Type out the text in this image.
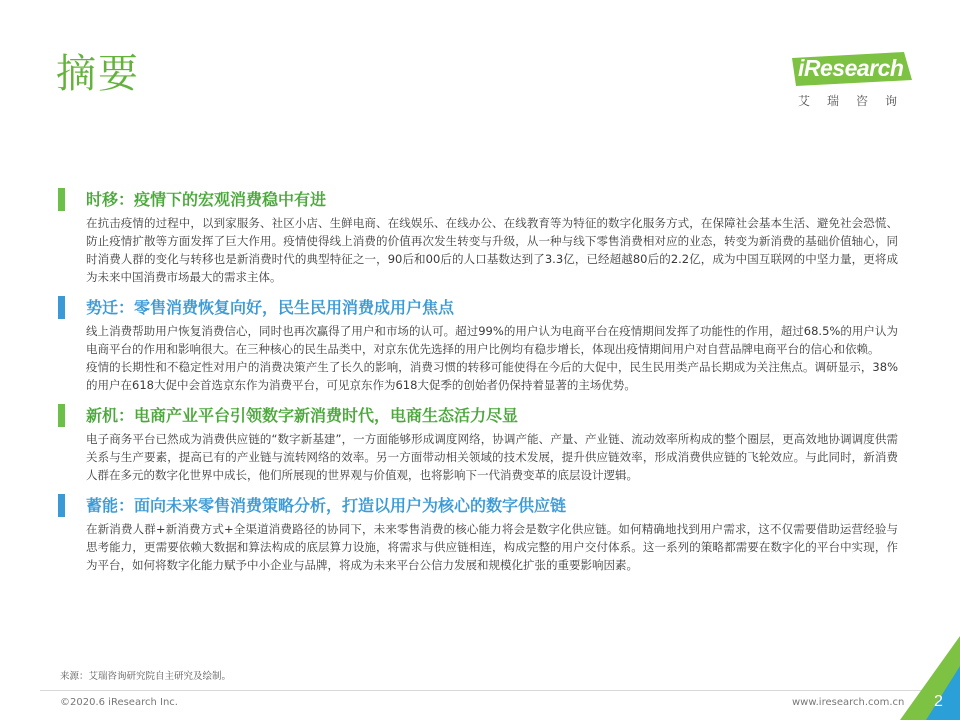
摘要	iResearch
艾瑞咨询
时移：疫情下的宏观消费稳中有进

在抗击疫情的过程中，以到家服务、社区小店、生鲜电商、在线娱乐、在线办公、在线教育等为特征的数字化服务方式，在保障社会基本生活、避免社会恐慌、防止疫情扩散等方面发挥了巨大作用。疫情使得线上消费的价值再次发生转变与升级，从一种与线下零售消费相对应的业态，转变为新消费的基础价值轴心，同时消费人群的变化与转移也是新消费时代的典型特征之一，90后和00后的人口基数达到了3.3亿，已经超越80后的2.2亿，成为中国互联网的中坚力量，更将成为未来中国消费市场最大的需求主体。

势迁：零售消费恢复向好，民生民用消费成用户焦点

线上消费帮助用户恢复消费信心，同时也再次赢得了用户和市场的认可。超过99%的用户认为电商平台在疫情期间发挥了功能性的作用，超过68.5%的用户认为电商平台的作用和影响很大。在三种核心的民生品类中，对京东优先选择的用户比例均有稳步增长，体现出疫情期间用户对自营品牌电商平台的信心和依赖。
疫情的长期性和不稳定性对用户的消费决策产生了长久的影响，消费习惯的转移可能使得在今后的大促中，民生民用类产品长期成为关注焦点。调研显示，38%的用户在618大促中会首选京东作为消费平台，可见京东作为618大促季的创始者仍保持着显著的主场优势。

新机：电商产业平台引领数字新消费时代，电商生态活力尽显

电子商务平台已然成为消费供应链的“数字新基建”，一方面能够形成调度网络，协调产能、产量、产业链、流动效率所构成的整个圈层，更高效地协调调度供需关系与生产要素，提高已有的产业链与流转网络的效率。另一方面带动相关领域的技术发展，提升供应链效率，形成消费供应链的飞轮效应。与此同时，新消费人群在多元的数字化世界中成长，他们所展现的世界观与价值观，也将影响下一代消费变革的底层设计逻辑。

蓄能：面向未来零售消费策略分析，打造以用户为核心的数字供应链

在新消费人群+新消费方式+全渠道消费路径的协同下，未来零售消费的核心能力将会是数字化供应链。如何精确地找到用户需求，这不仅需要借助运营经验与思考能力，更需要依赖大数据和算法构成的底层算力设施，将需求与供应链相连，构成完整的用户交付体系。这一系列的策略都需要在数字化的平台中实现，作为平台，如何将数字化能力赋予中小企业与品牌，将成为未来平台公信力发展和规模化扩张的重要影响因素。

来源：艾瑞咨询研究院自主研究及绘制。
©2020.6 iResearch Inc.	www.iresearch.com.cn 2
